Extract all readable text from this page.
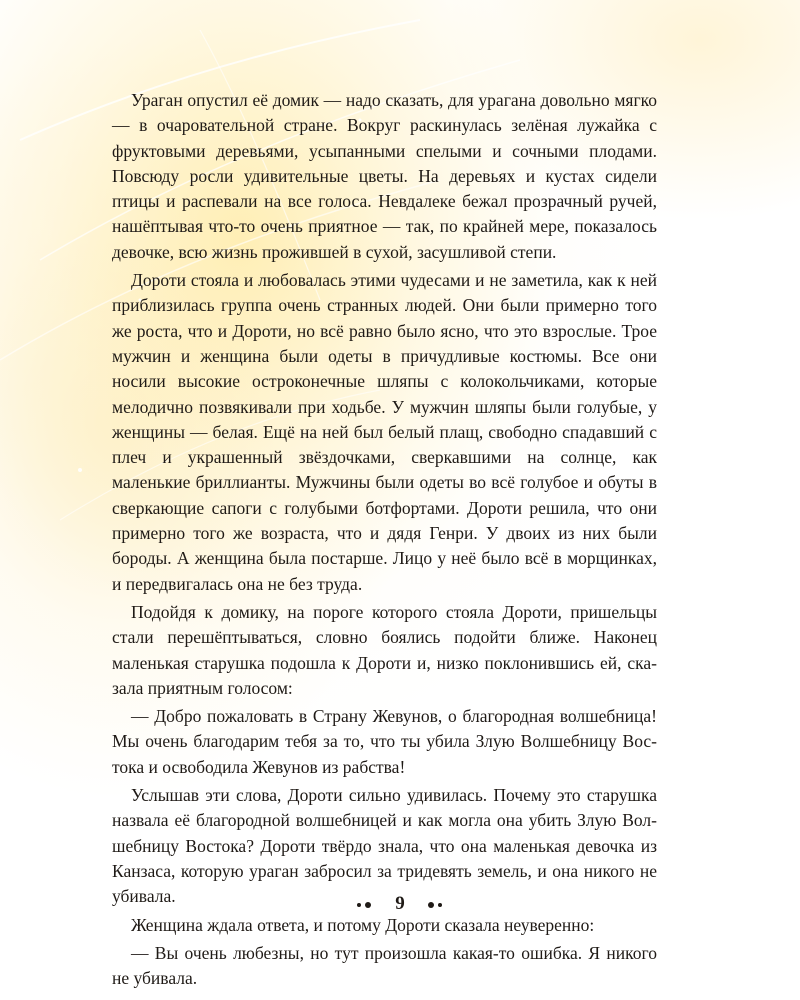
Ураган опустил её домик — надо сказать, для урагана довольно мягко — в очаровательной стране. Вокруг раскинулась зелёная лужайка с фруктовыми деревьями, усыпанными спелыми и сочными плодами. Повсюду росли удивительные цветы. На деревьях и кустах сидели птицы и распевали на все голоса. Невдалеке бежал прозрачный ручей, нашёптывая что-то очень приятное — так, по крайней мере, показалось девочке, всю жизнь прожившей в сухой, засушливой степи.

Дороти стояла и любовалась этими чудесами и не заметила, как к ней приблизилась группа очень странных людей. Они были примерно того же роста, что и Дороти, но всё равно было ясно, что это взрослые. Трое мужчин и женщина были одеты в причудливые костюмы. Все они носили высокие остроконечные шляпы с колокольчиками, которые мелодично позвякивали при ходьбе. У мужчин шляпы были голубые, у женщины — белая. Ещё на ней был белый плащ, свободно спадавший с плеч и украшенный звёздочками, сверкавшими на солнце, как маленькие бриллианты. Мужчины были одеты во всё голубое и обуты в сверкающие сапоги с голубыми ботфортами. Дороти решила, что они примерно того же возраста, что и дядя Генри. У двоих из них были бороды. А женщина была постарше. Лицо у неё было всё в морщинках, и передвигалась она не без труда.

Подойдя к домику, на пороге которого стояла Дороти, пришельцы стали перешёптываться, словно боялись подойти ближе. Наконец маленькая старушка подошла к Дороти и, низко поклонившись ей, сказала приятным голосом:

— Добро пожаловать в Страну Жевунов, о благородная волшебница! Мы очень благодарим тебя за то, что ты убила Злую Волшебницу Востока и освободила Жевунов из рабства!

Услышав эти слова, Дороти сильно удивилась. Почему это старушка назвала её благородной волшебницей и как могла она убить Злую Волшебницу Востока? Дороти твёрдо знала, что она маленькая девочка из Канзаса, которую ураган забросил за тридевять земель, и она никого не убивала.

Женщина ждала ответа, и потому Дороти сказала неуверенно:

— Вы очень любезны, но тут произошла какая-то ошибка. Я никого не убивала.

9
